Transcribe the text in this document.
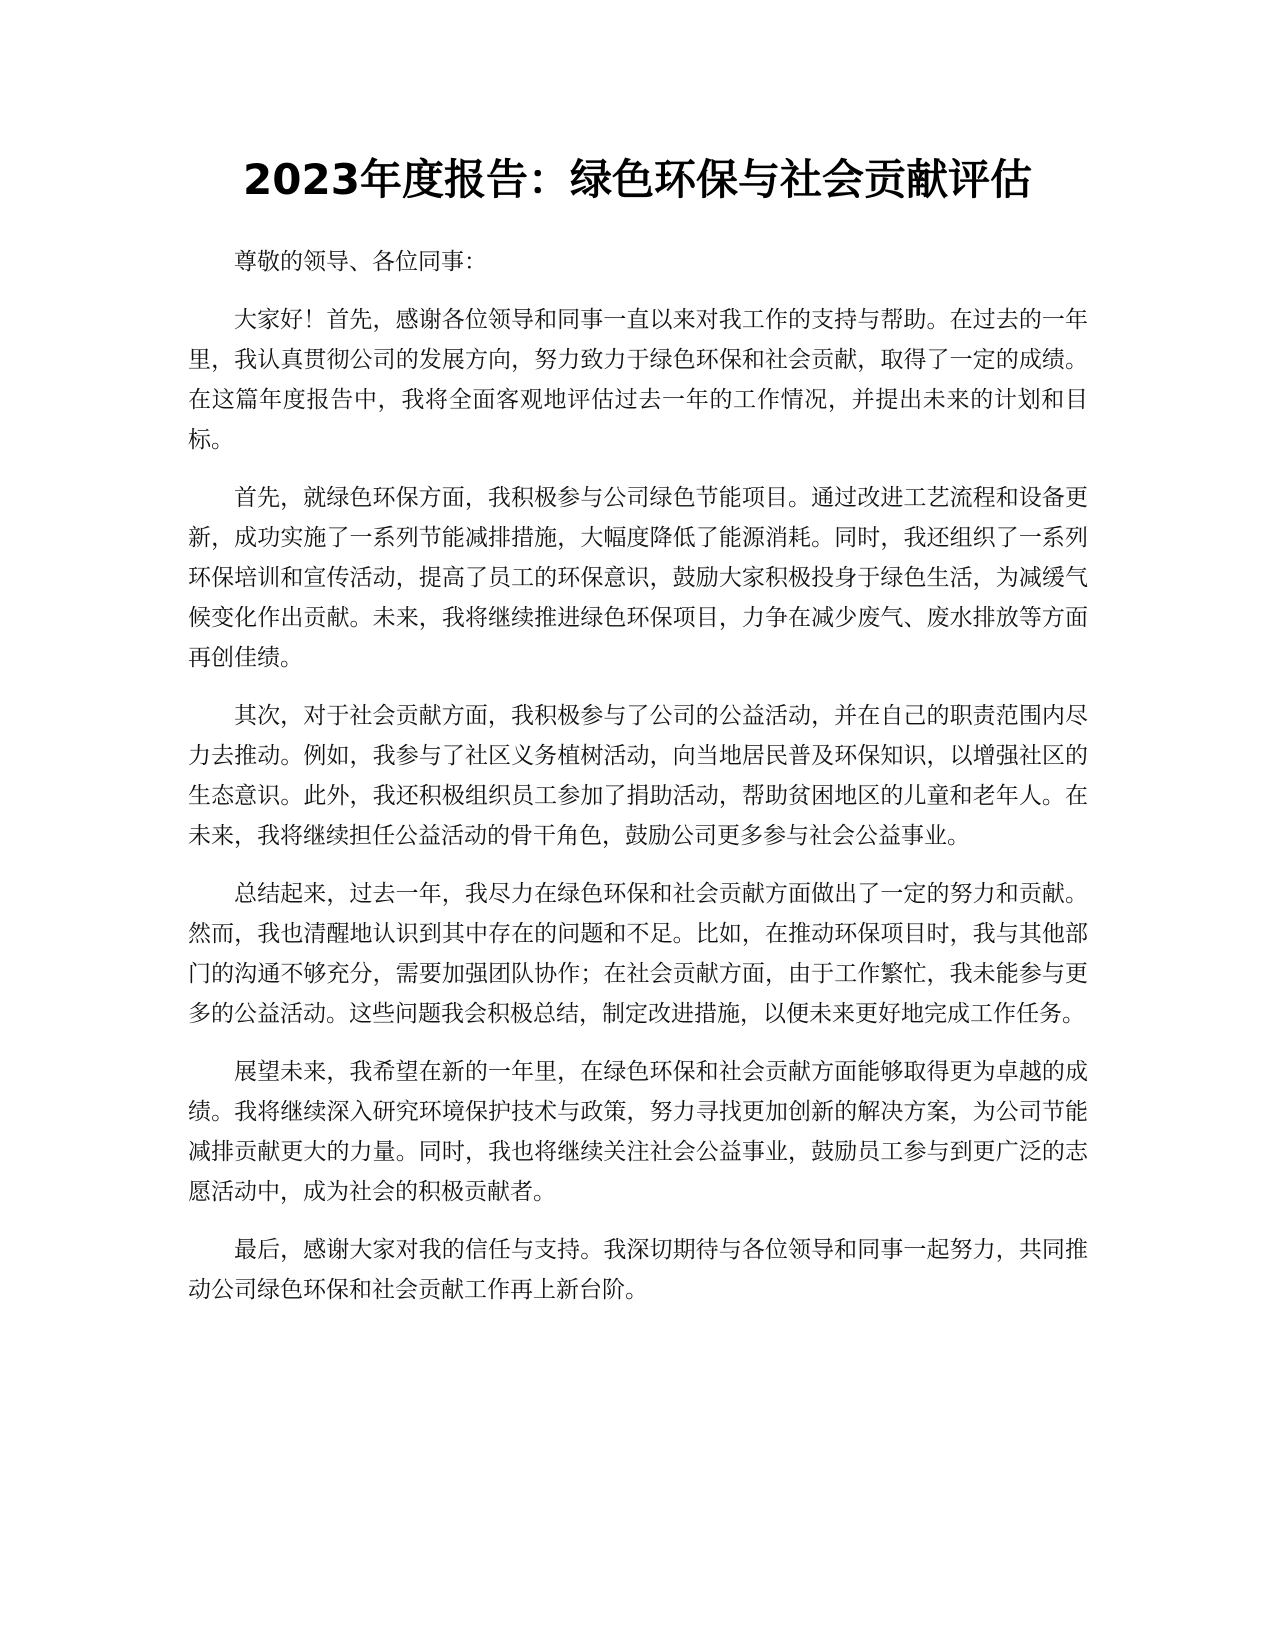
2023年度报告：绿色环保与社会贡献评估

尊敬的领导、各位同事：

大家好！首先，感谢各位领导和同事一直以来对我工作的支持与帮助。在过去的一年里，我认真贯彻公司的发展方向，努力致力于绿色环保和社会贡献，取得了一定的成绩。在这篇年度报告中，我将全面客观地评估过去一年的工作情况，并提出未来的计划和目标。

首先，就绿色环保方面，我积极参与公司绿色节能项目。通过改进工艺流程和设备更新，成功实施了一系列节能减排措施，大幅度降低了能源消耗。同时，我还组织了一系列环保培训和宣传活动，提高了员工的环保意识，鼓励大家积极投身于绿色生活，为减缓气候变化作出贡献。未来，我将继续推进绿色环保项目，力争在减少废气、废水排放等方面再创佳绩。

其次，对于社会贡献方面，我积极参与了公司的公益活动，并在自己的职责范围内尽力去推动。例如，我参与了社区义务植树活动，向当地居民普及环保知识，以增强社区的生态意识。此外，我还积极组织员工参加了捐助活动，帮助贫困地区的儿童和老年人。在未来，我将继续担任公益活动的骨干角色，鼓励公司更多参与社会公益事业。

总结起来，过去一年，我尽力在绿色环保和社会贡献方面做出了一定的努力和贡献。然而，我也清醒地认识到其中存在的问题和不足。比如，在推动环保项目时，我与其他部门的沟通不够充分，需要加强团队协作；在社会贡献方面，由于工作繁忙，我未能参与更多的公益活动。这些问题我会积极总结，制定改进措施，以便未来更好地完成工作任务。

展望未来，我希望在新的一年里，在绿色环保和社会贡献方面能够取得更为卓越的成绩。我将继续深入研究环境保护技术与政策，努力寻找更加创新的解决方案，为公司节能减排贡献更大的力量。同时，我也将继续关注社会公益事业，鼓励员工参与到更广泛的志愿活动中，成为社会的积极贡献者。

最后，感谢大家对我的信任与支持。我深切期待与各位领导和同事一起努力，共同推动公司绿色环保和社会贡献工作再上新台阶。
